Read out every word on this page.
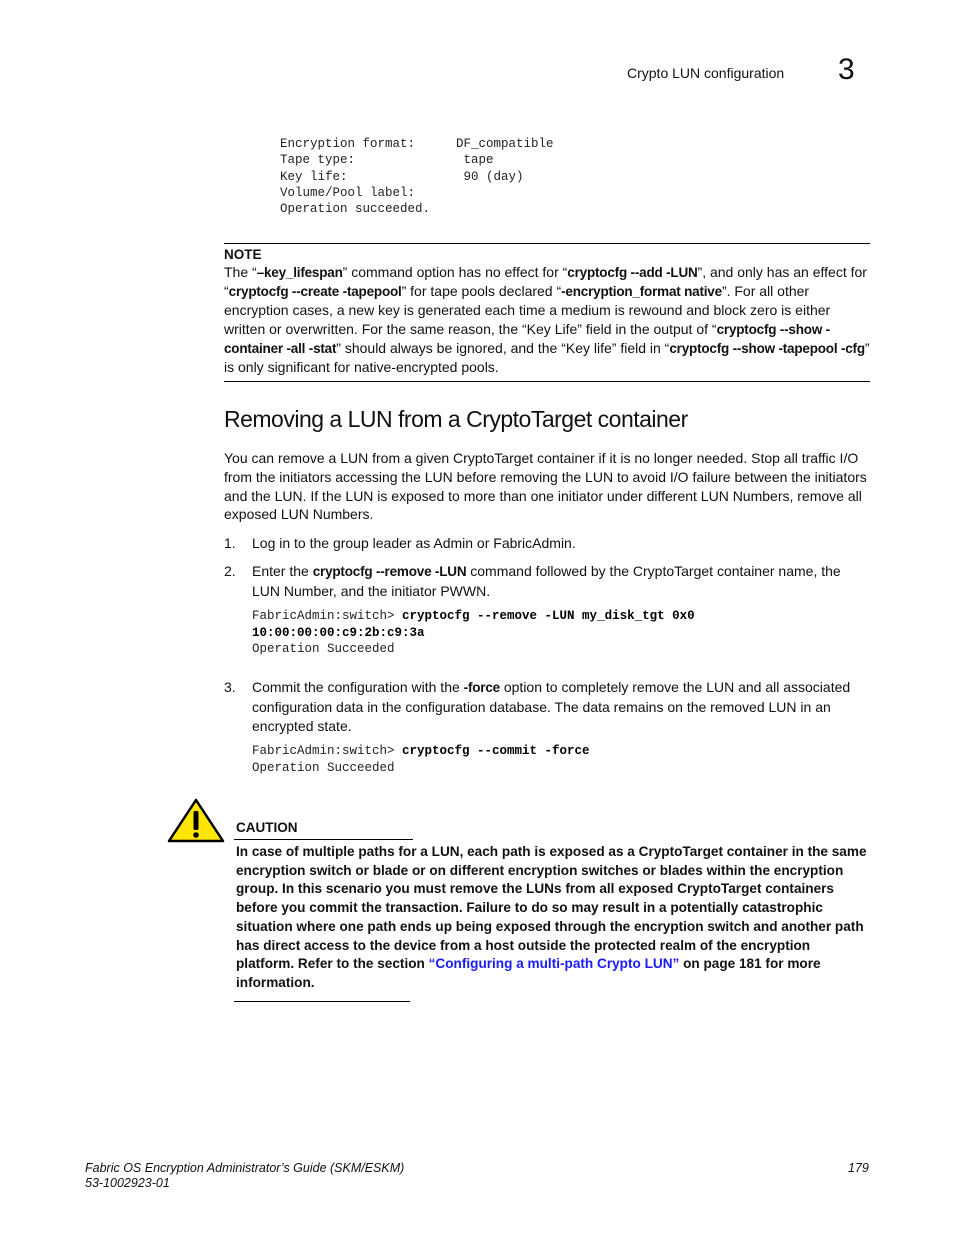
Crypto LUN configuration 3
Encryption format:	DF_compatible
Tape type:	tape
Key life:	90 (day)
Volume/Pool label:
Operation succeeded.
NOTE
The “–key_lifespan” command option has no effect for “cryptocfg --add -LUN”, and only has an effect for “cryptocfg --create -tapepool” for tape pools declared “-encryption_format native”. For all other encryption cases, a new key is generated each time a medium is rewound and block zero is either written or overwritten. For the same reason, the “Key Life” field in the output of “cryptocfg --show -container -all -stat” should always be ignored, and the “Key life” field in “cryptocfg --show -tapepool -cfg” is only significant for native-encrypted pools.
Removing a LUN from a CryptoTarget container
You can remove a LUN from a given CryptoTarget container if it is no longer needed. Stop all traffic I/O from the initiators accessing the LUN before removing the LUN to avoid I/O failure between the initiators and the LUN. If the LUN is exposed to more than one initiator under different LUN Numbers, remove all exposed LUN Numbers.
1. Log in to the group leader as Admin or FabricAdmin.
2. Enter the cryptocfg --remove -LUN command followed by the CryptoTarget container name, the LUN Number, and the initiator PWWN.
FabricAdmin:switch> cryptocfg --remove -LUN my_disk_tgt 0x0
10:00:00:00:c9:2b:c9:3a
Operation Succeeded
3. Commit the configuration with the -force option to completely remove the LUN and all associated configuration data in the configuration database. The data remains on the removed LUN in an encrypted state.
FabricAdmin:switch> cryptocfg --commit -force
Operation Succeeded
CAUTION
In case of multiple paths for a LUN, each path is exposed as a CryptoTarget container in the same encryption switch or blade or on different encryption switches or blades within the encryption group. In this scenario you must remove the LUNs from all exposed CryptoTarget containers before you commit the transaction. Failure to do so may result in a potentially catastrophic situation where one path ends up being exposed through the encryption switch and another path has direct access to the device from a host outside the protected realm of the encryption platform. Refer to the section “Configuring a multi-path Crypto LUN” on page 181 for more information.
Fabric OS Encryption Administrator’s Guide (SKM/ESKM)
53-1002923-01
179
